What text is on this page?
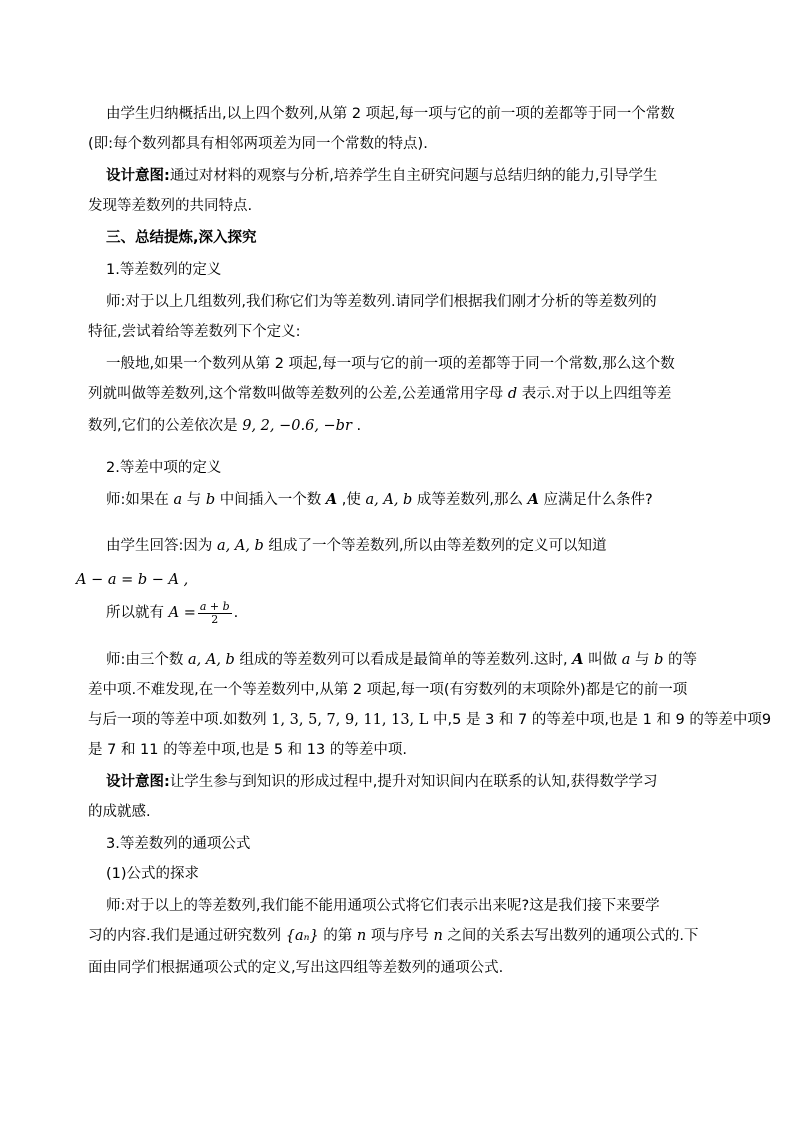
由学生归纳概括出,以上四个数列,从第 2 项起,每一项与它的前一项的差都等于同一个常数
(即:每个数列都具有相邻两项差为同一个常数的特点).
设计意图:通过对材料的观察与分析,培养学生自主研究问题与总结归纳的能力,引导学生
发现等差数列的共同特点.
三、总结提炼,深入探究
1.等差数列的定义
师:对于以上几组数列,我们称它们为等差数列.请同学们根据我们刚才分析的等差数列的
特征,尝试着给等差数列下个定义:
一般地,如果一个数列从第 2 项起,每一项与它的前一项的差都等于同一个常数,那么这个数
列就叫做等差数列,这个常数叫做等差数列的公差,公差通常用字母 d 表示.对于以上四组等差
数列,它们的公差依次是 9, 2, −0.6, −br .
2.等差中项的定义
师:如果在 a 与 b 中间插入一个数 A ,使 a, A, b 成等差数列,那么 A 应满足什么条件?
由学生回答:因为 a, A, b 组成了一个等差数列,所以由等差数列的定义可以知道
A − a = b − A ,
所以就有 $A = \frac{a + b}{2}$ .
师:由三个数 a, A, b 组成的等差数列可以看成是最简单的等差数列.这时, A 叫做 a 与 b 的等
差中项.不难发现,在一个等差数列中,从第 2 项起,每一项(有穷数列的末项除外)都是它的前一项
与后一项的等差中项.如数列 1, 3, 5, 7, 9, 11, 13, L 中,5 是 3 和 7 的等差中项,也是 1 和 9 的等差中项9
是 7 和 11 的等差中项,也是 5 和 13 的等差中项.
设计意图:让学生参与到知识的形成过程中,提升对知识间内在联系的认知,获得数学学习
的成就感.
3.等差数列的通项公式
(1)公式的探求
师:对于以上的等差数列,我们能不能用通项公式将它们表示出来呢?这是我们接下来要学
习的内容.我们是通过研究数列 {aₙ} 的第 n 项与序号 n 之间的关系去写出数列的通项公式的.下
面由同学们根据通项公式的定义,写出这四组等差数列的通项公式.
